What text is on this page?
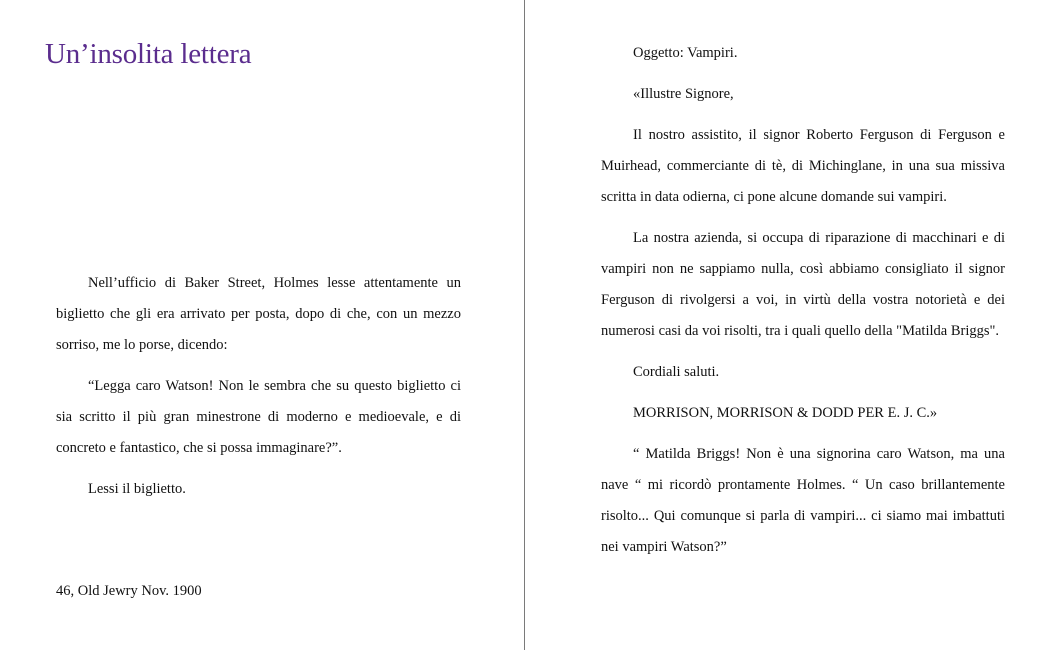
Un’insolita lettera

Nell’ufficio di Baker Street, Holmes lesse attentamente un biglietto che gli era arrivato per posta, dopo di che, con un mezzo sorriso, me lo porse, dicendo:

“Legga caro Watson! Non le sembra che su questo biglietto ci sia scritto il più gran minestrone di moderno e medioevale, e di concreto e fantastico, che si possa immaginare?”.

Lessi il biglietto.

46, Old Jewry Nov. 1900

Oggetto: Vampiri.

«Illustre Signore,

Il nostro assistito, il signor Roberto Ferguson di Ferguson e Muirhead, commerciante di tè, di Michinglane, in una sua missiva scritta in data odierna, ci pone alcune domande sui vampiri.

La nostra azienda, si occupa di riparazione di macchinari e di vampiri non ne sappiamo nulla, così abbiamo consigliato il signor Ferguson di rivolgersi a voi, in virtù della vostra notorietà e dei numerosi casi da voi risolti, tra i quali quello della "Matilda Briggs".

Cordiali saluti.

MORRISON, MORRISON & DODD PER E. J. C.»

“ Matilda Briggs! Non è una signorina caro Watson, ma una nave “ mi ricordò prontamente Holmes. “ Un caso brillantemente risolto... Qui comunque si parla di vampiri... ci siamo mai imbattuti nei vampiri Watson?”
